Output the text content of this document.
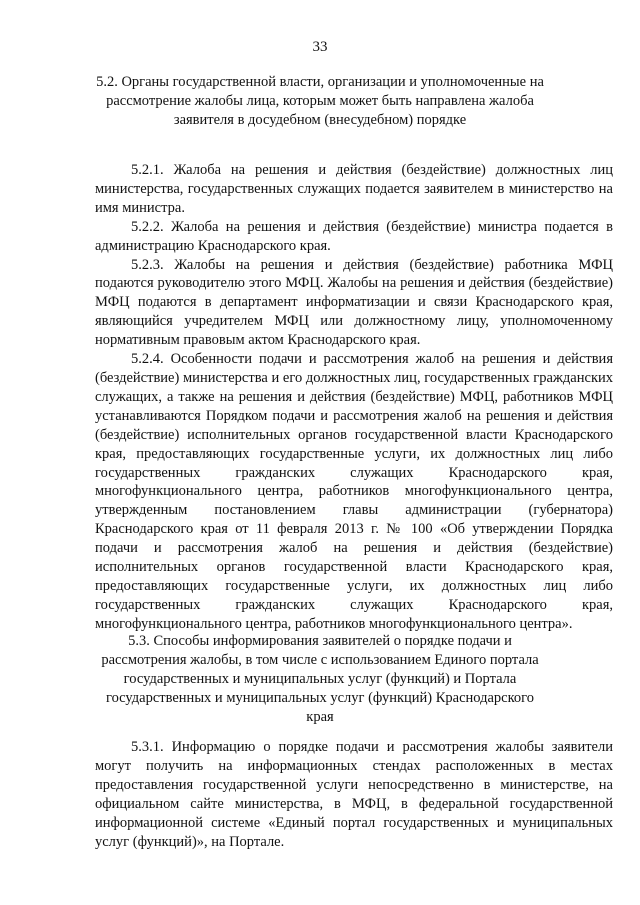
33
5.2. Органы государственной власти, организации и уполномоченные на рассмотрение жалобы лица, которым может быть направлена жалоба заявителя в досудебном (внесудебном) порядке

5.2.1. Жалоба на решения и действия (бездействие) должностных лиц министерства, государственных служащих подается заявителем в министерство на имя министра.

5.2.2. Жалоба на решения и действия (бездействие) министра подается в администрацию Краснодарского края.

5.2.3. Жалобы на решения и действия (бездействие) работника МФЦ подаются руководителю этого МФЦ. Жалобы на решения и действия (бездействие) МФЦ подаются в департамент информатизации и связи Краснодарского края, являющийся учредителем МФЦ или должностному лицу, уполномоченному нормативным правовым актом Краснодарского края.

5.2.4. Особенности подачи и рассмотрения жалоб на решения и действия (бездействие) министерства и его должностных лиц, государственных гражданских служащих, а также на решения и действия (бездействие) МФЦ, работников МФЦ устанавливаются Порядком подачи и рассмотрения жалоб на решения и действия (бездействие) исполнительных органов государственной власти Краснодарского края, предоставляющих государственные услуги, их должностных лиц либо государственных гражданских служащих Краснодарского края, многофункционального центра, работников многофункционального центра, утвержденным постановлением главы администрации (губернатора) Краснодарского края от 11 февраля 2013 г. № 100 «Об утверждении Порядка подачи и рассмотрения жалоб на решения и действия (бездействие) исполнительных органов государственной власти Краснодарского края, предоставляющих государственные услуги, их должностных лиц либо государственных гражданских служащих Краснодарского края, многофункционального центра, работников многофункционального центра».

5.3. Способы информирования заявителей о порядке подачи и рассмотрения жалобы, в том числе с использованием Единого портала государственных и муниципальных услуг (функций) и Портала государственных и муниципальных услуг (функций) Краснодарского края

5.3.1. Информацию о порядке подачи и рассмотрения жалобы заявители могут получить на информационных стендах расположенных в местах предоставления государственной услуги непосредственно в министерстве, на официальном сайте министерства, в МФЦ, в федеральной государственной информационной системе «Единый портал государственных и муниципальных услуг (функций)», на Портале.
